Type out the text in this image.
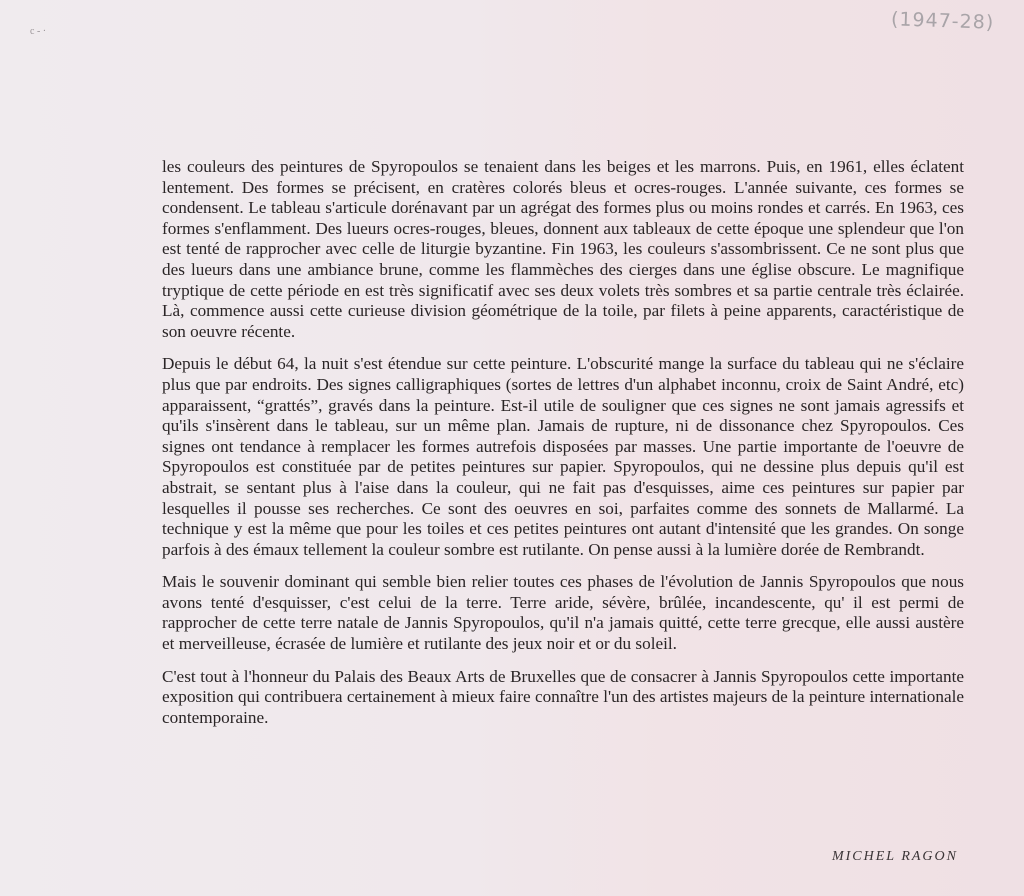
c - ·	(1947-28)

les couleurs des peintures de Spyropoulos se tenaient dans les beiges et les marrons. Puis, en 1961, elles éclatent lentement. Des formes se précisent, en cratères colorés bleus et ocres-rouges. L'année suivante, ces formes se condensent. Le tableau s'articule dorénavant par un agrégat des formes plus ou moins rondes et carrés. En 1963, ces formes s'enflamment. Des lueurs ocres-rouges, bleues, donnent aux tableaux de cette époque une splendeur que l'on est tenté de rapprocher avec celle de liturgie byzantine. Fin 1963, les couleurs s'assombrissent. Ce ne sont plus que des lueurs dans une ambiance brune, comme les flammèches des cierges dans une église obscure. Le magnifique tryptique de cette période en est très significatif avec ses deux volets très sombres et sa partie centrale très éclairée. Là, commence aussi cette curieuse division géométrique de la toile, par filets à peine apparents, caractéristique de son oeuvre récente.

Depuis le début 64, la nuit s'est étendue sur cette peinture. L'obscurité mange la surface du tableau qui ne s'éclaire plus que par endroits. Des signes calligraphiques (sortes de lettres d'un alphabet inconnu, croix de Saint André, etc) apparaissent, “grattés”, gravés dans la peinture. Est-il utile de souligner que ces signes ne sont jamais agressifs et qu'ils s'insèrent dans le tableau, sur un même plan. Jamais de rupture, ni de dissonance chez Spyropoulos. Ces signes ont tendance à remplacer les formes autrefois disposées par masses. Une partie importante de l'oeuvre de Spyropoulos est constituée par de petites peintures sur papier. Spyropoulos, qui ne dessine plus depuis qu'il est abstrait, se sentant plus à l'aise dans la couleur, qui ne fait pas d'esquisses, aime ces peintures sur papier par lesquelles il pousse ses recherches. Ce sont des oeuvres en soi, parfaites comme des sonnets de Mallarmé. La technique y est la même que pour les toiles et ces petites peintures ont autant d'intensité que les grandes. On songe parfois à des émaux tellement la couleur sombre est rutilante. On pense aussi à la lumière dorée de Rembrandt.

Mais le souvenir dominant qui semble bien relier toutes ces phases de l'évolution de Jannis Spyropoulos que nous avons tenté d'esquisser, c'est celui de la terre. Terre aride, sévère, brûlée, incandescente, qu' il est permi de rapprocher de cette terre natale de Jannis Spyropoulos, qu'il n'a jamais quitté, cette terre grecque, elle aussi austère et merveilleuse, écrasée de lumière et rutilante des jeux noir et or du soleil.

C'est tout à l'honneur du Palais des Beaux Arts de Bruxelles que de consacrer à Jannis Spyropoulos cette importante exposition qui contribuera certainement à mieux faire connaître l'un des artistes majeurs de la peinture internationale contemporaine.

MICHEL RAGON
